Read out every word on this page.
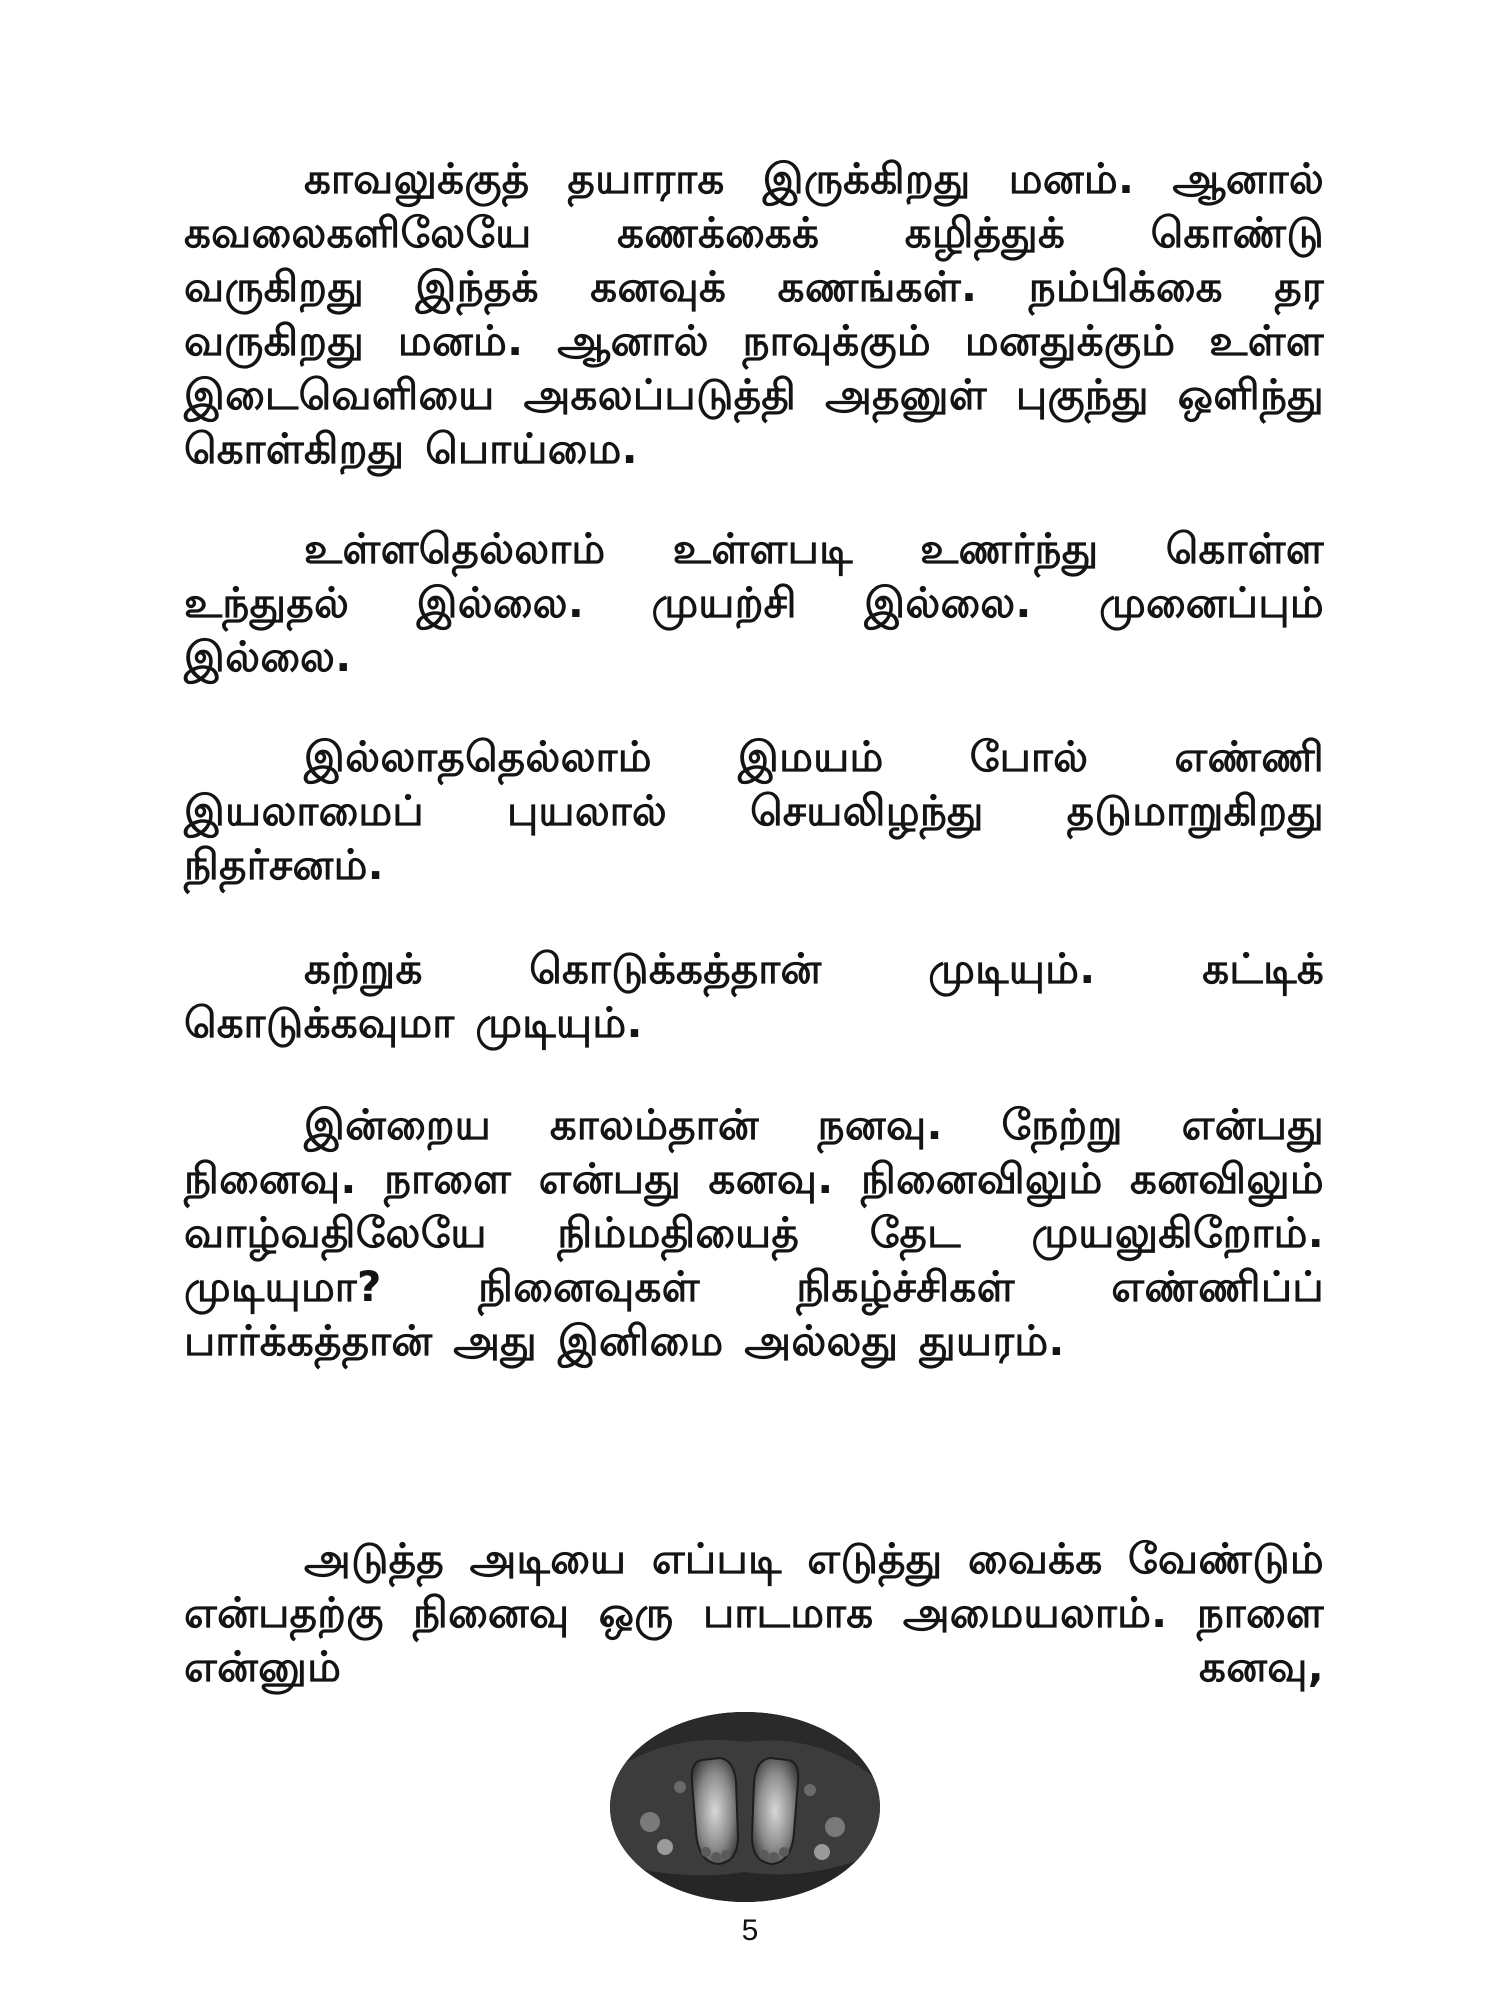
காவலுக்குத் தயாராக இருக்கிறது மனம். ஆனால் கவலைகளிலேயே கணக்கைக் கழித்துக் கொண்டு வருகிறது இந்தக் கனவுக் கணங்கள். நம்பிக்கை தர வருகிறது மனம். ஆனால் நாவுக்கும் மனதுக்கும் உள்ள இடைவெளியை அகலப்படுத்தி அதனுள் புகுந்து ஒளிந்து கொள்கிறது பொய்மை.

உள்ளதெல்லாம் உள்ளபடி உணர்ந்து கொள்ள உந்துதல் இல்லை. முயற்சி இல்லை. முனைப்பும் இல்லை.

இல்லாததெல்லாம் இமயம் போல் எண்ணி இயலாமைப் புயலால் செயலிழந்து தடுமாறுகிறது நிதர்சனம்.

கற்றுக் கொடுக்கத்தான் முடியும். கட்டிக் கொடுக்கவுமா முடியும்.

இன்றைய காலம்தான் நனவு. நேற்று என்பது நினைவு. நாளை என்பது கனவு. நினைவிலும் கனவிலும் வாழ்வதிலேயே நிம்மதியைத் தேட முயலுகிறோம். முடியுமா? நினைவுகள் நிகழ்ச்சிகள் எண்ணிப்ப் பார்க்கத்தான் அது இனிமை அல்லது துயரம்.

அடுத்த அடியை எப்படி எடுத்து வைக்க வேண்டும் என்பதற்கு நினைவு ஒரு பாடமாக அமையலாம். நாளை என்னும் கனவு,

5
